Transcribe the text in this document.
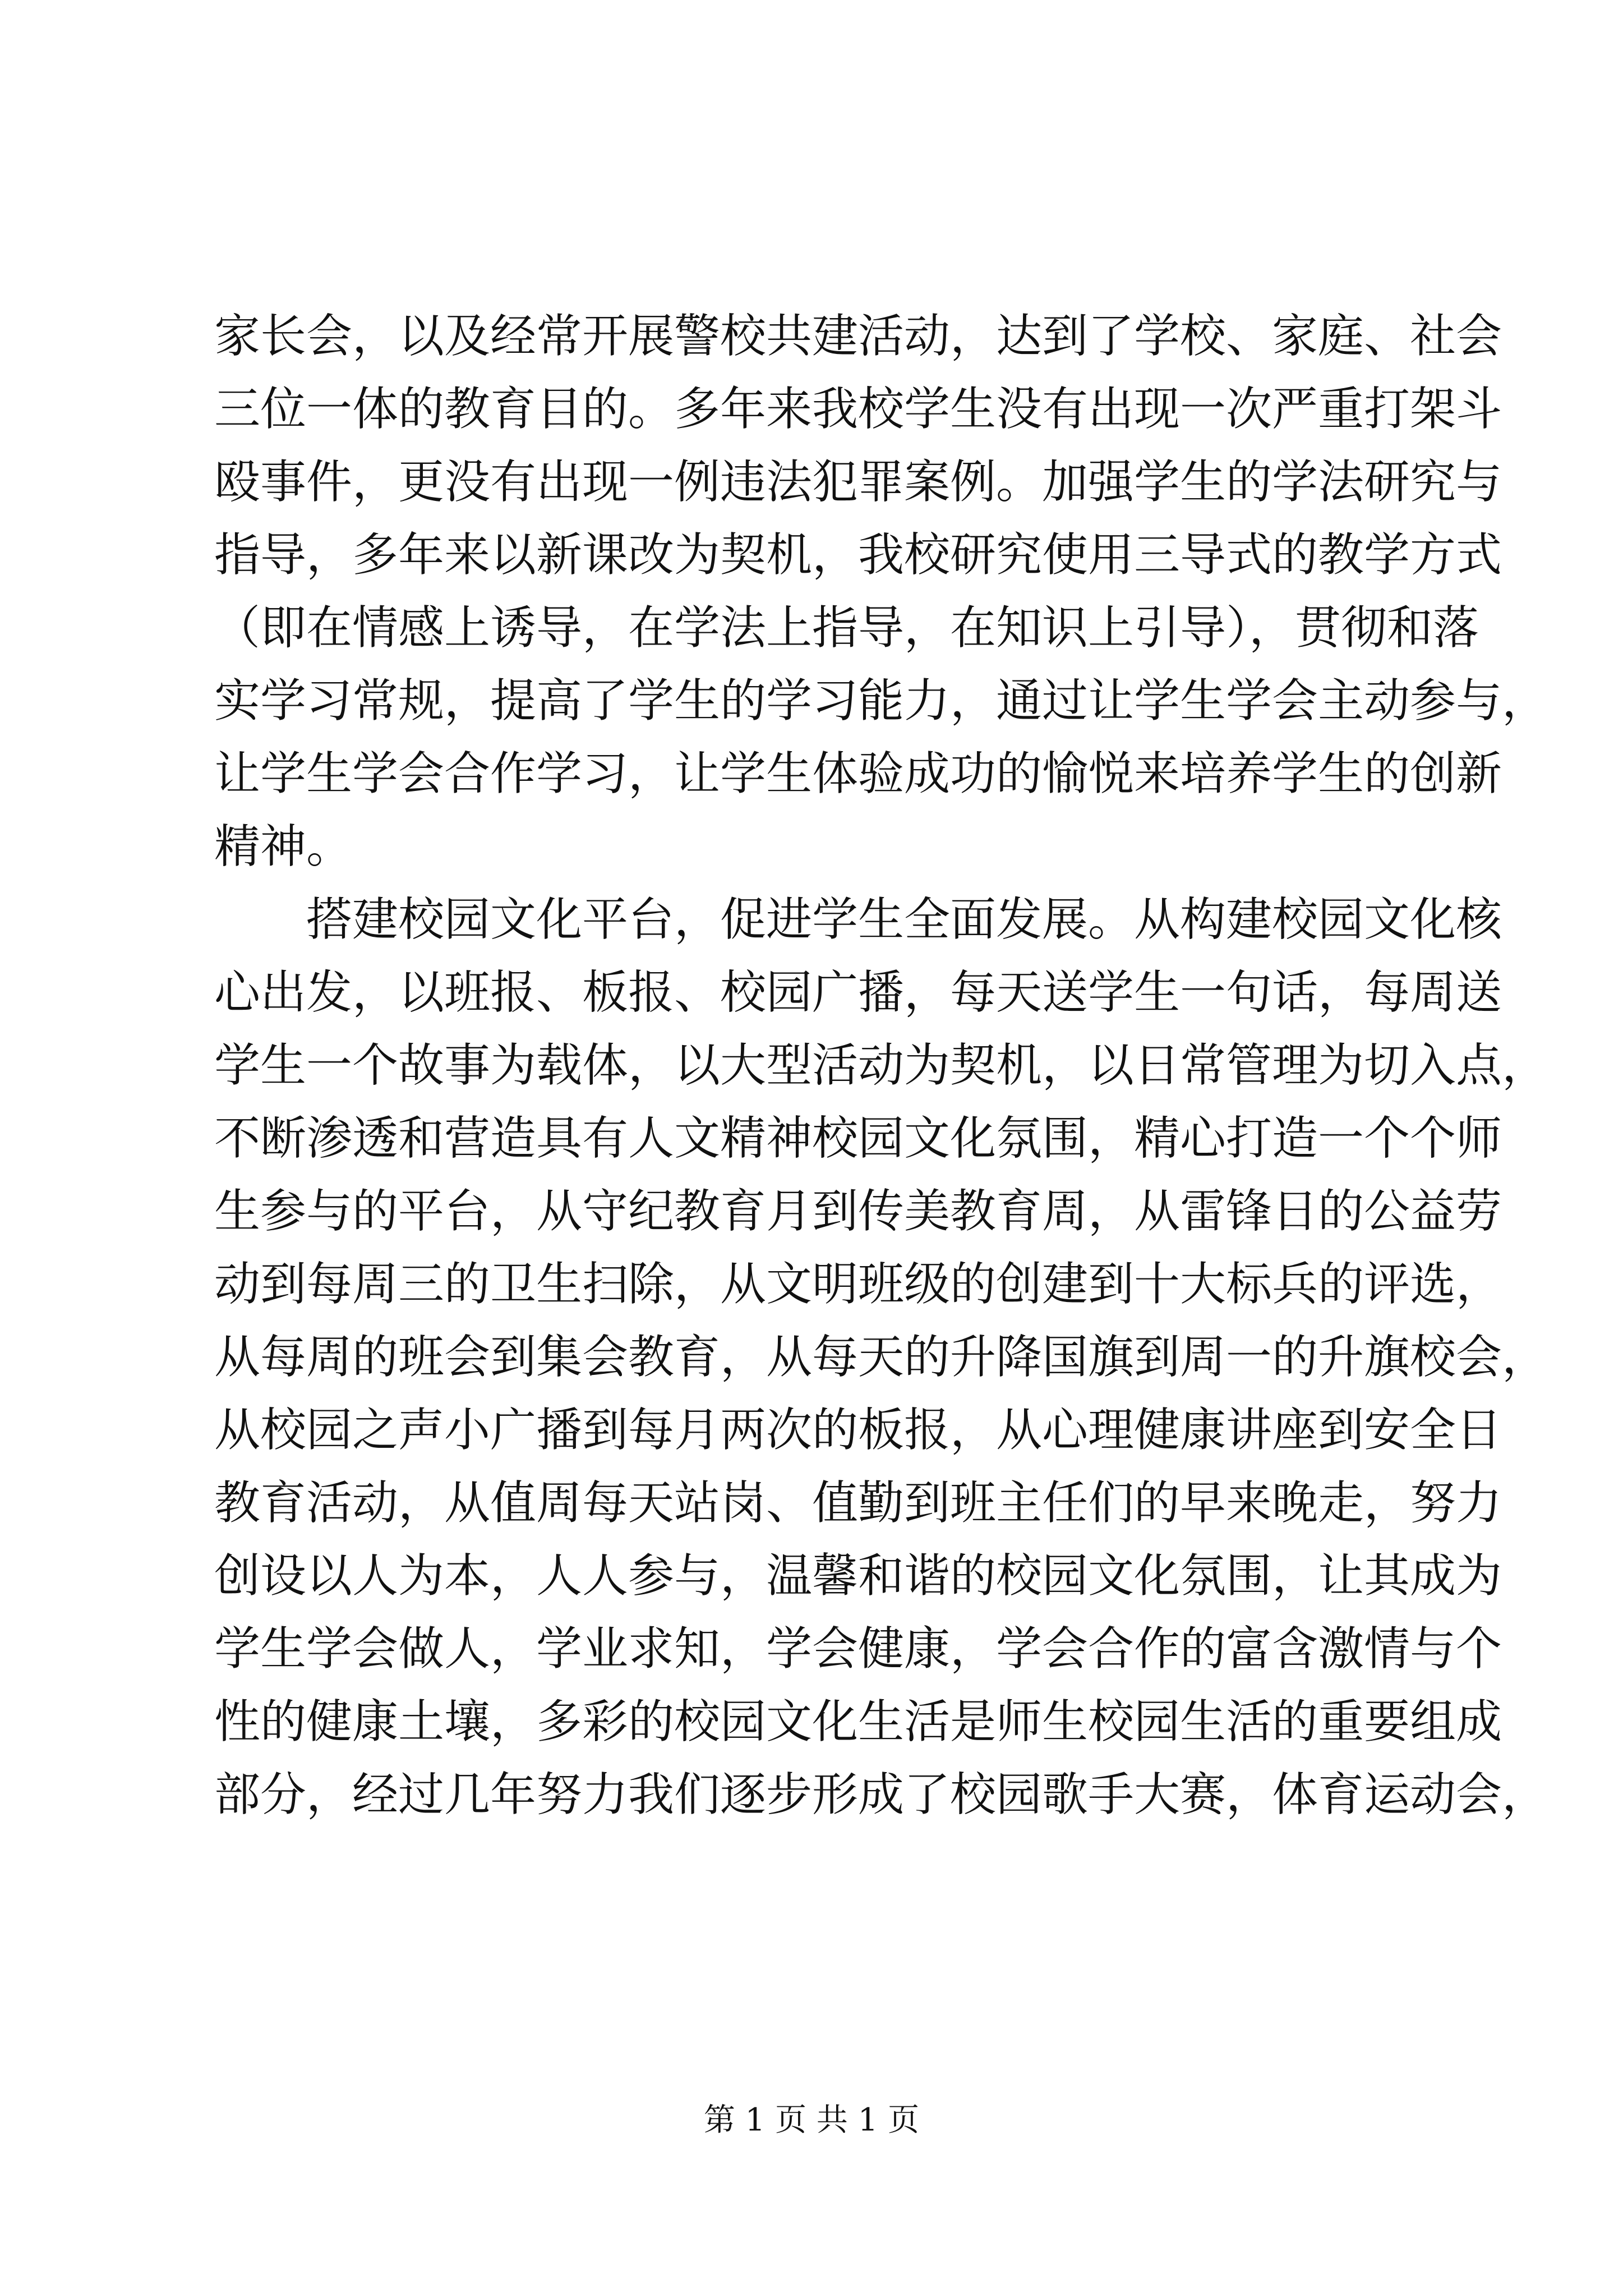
家长会，以及经常开展警校共建活动，达到了学校、家庭、社会
三位一体的教育目的。多年来我校学生没有出现一次严重打架斗
殴事件，更没有出现一例违法犯罪案例。加强学生的学法研究与
指导，多年来以新课改为契机，我校研究使用三导式的教学方式
（即在情感上诱导，在学法上指导，在知识上引导），贯彻和落
实学习常规，提高了学生的学习能力，通过让学生学会主动参与，
让学生学会合作学习，让学生体验成功的愉悦来培养学生的创新
精神。
搭建校园文化平台，促进学生全面发展。从构建校园文化核
心出发，以班报、板报、校园广播，每天送学生一句话，每周送
学生一个故事为载体，以大型活动为契机，以日常管理为切入点，
不断渗透和营造具有人文精神校园文化氛围，精心打造一个个师
生参与的平台，从守纪教育月到传美教育周，从雷锋日的公益劳
动到每周三的卫生扫除，从文明班级的创建到十大标兵的评选，
从每周的班会到集会教育，从每天的升降国旗到周一的升旗校会，
从校园之声小广播到每月两次的板报，从心理健康讲座到安全日
教育活动，从值周每天站岗、值勤到班主任们的早来晚走，努力
创设以人为本，人人参与，温馨和谐的校园文化氛围，让其成为
学生学会做人，学业求知，学会健康，学会合作的富含激情与个
性的健康土壤，多彩的校园文化生活是师生校园生活的重要组成
部分，经过几年努力我们逐步形成了校园歌手大赛，体育运动会，
第 1 页 共 1 页
